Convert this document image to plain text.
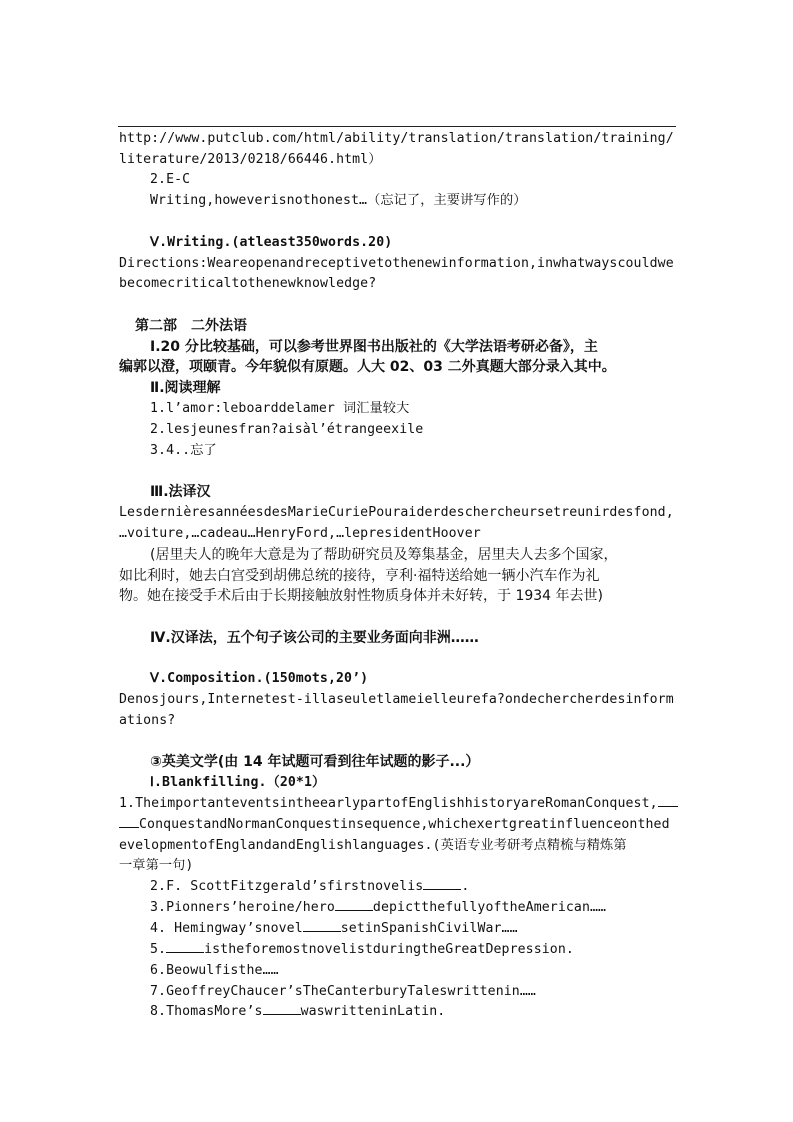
http://www.putclub.com/html/ability/translation/translation/training/
literature/2013/0218/66446.html）
2.E-C
Writing,howeverisnothonest…（忘记了，主要讲写作的）
Ⅴ.Writing.(atleast350words.20)
Directions:Weareopenandreceptivetothenewinformation,inwhatwayscouldwe
becomecriticaltothenewknowledge?
第二部　二外法语
Ⅰ.20 分比较基础，可以参考世界图书出版社的《大学法语考研必备》，主
编郭以澄，项颐青。今年貌似有原题。人大 02、03 二外真题大部分录入其中。
Ⅱ.阅读理解
1.l’amor:leboarddelamer 词汇量较大
2.lesjeunesfran?aisàl’étrangeexile
3.4..忘了
Ⅲ.法译汉
LesdernièresannéesdesMarieCuriePouraiderdeschercheursetreunirdesfond,
…voiture,…cadeau…HenryFord,…lepresidentHoover
(居里夫人的晚年大意是为了帮助研究员及筹集基金，居里夫人去多个国家，
如比利时，她去白宫受到胡佛总统的接待，亨利·福特送给她一辆小汽车作为礼
物。她在接受手术后由于长期接触放射性物质身体并未好转，于 1934 年去世)
Ⅳ.汉译法，五个句子该公司的主要业务面向非洲……
Ⅴ.Composition.(150mots,20’)
Denosjours,Internetest-illaseuletlameielleurefa?ondechercherdesinform
ations?
③英美文学(由 14 年试题可看到往年试题的影子...）
Ⅰ.Blankfilling.（20*1）
1.TheimportanteventsintheearlypartofEnglishhistoryareRomanConquest,
ConquestandNormanConquestinsequence,whichexertgreatinfluenceonthed
evelopmentofEnglandandEnglishlanguages.(英语专业考研考点精梳与精炼第
一章第一句)
2.F. ScottFitzgerald’sfirstnovelis	.
3.Pionners’heroine/hero	depictthefullyoftheAmerican……
4. Hemingway’snovel	setinSpanishCivilWar……
5.	istheforemostnovelistduringtheGreatDepression.
6.Beowulfisthe……
7.GeoffreyChaucer’sTheCanterburyTaleswrittenin……
8.ThomasMore’s	waswritteninLatin.
